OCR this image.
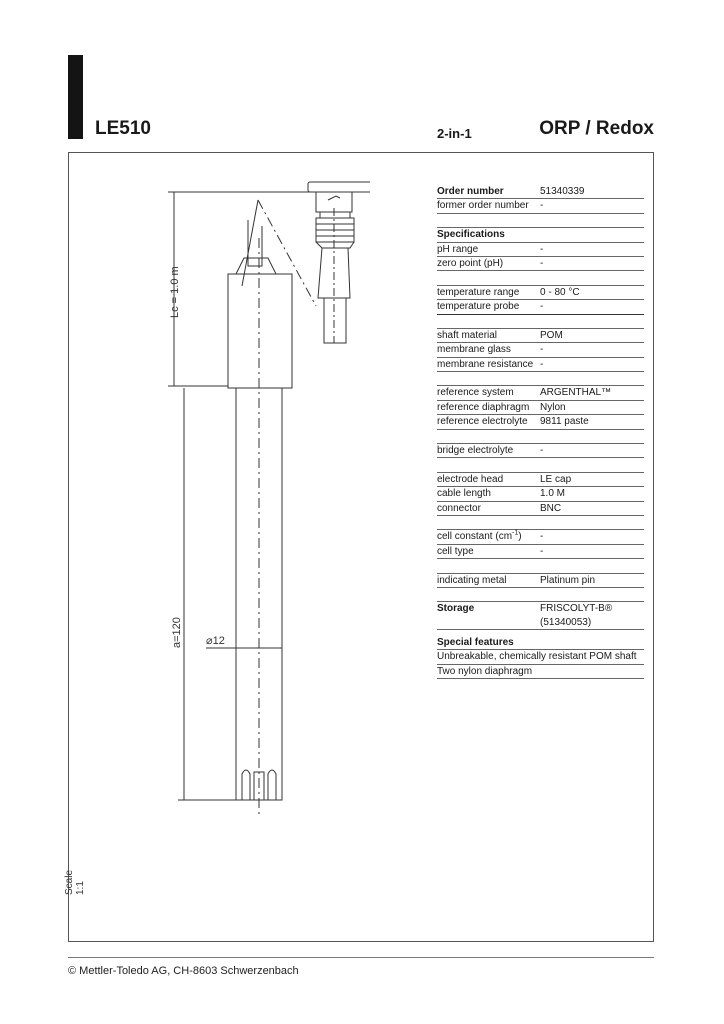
LE510	2-in-1	ORP / Redox
Lc = 1.0 m
a=120 ⌀12
Scale 1:1
Order number	51340339
former order number	-
Specifications
pH range	-
zero point (pH)	-
temperature range	0 - 80 °C
temperature probe	-
shaft material	POM
membrane glass	-
membrane resistance -
reference system	ARGENTHAL™
reference diaphragm	Nylon
reference electrolyte	9811 paste
bridge electrolyte	-
electrode head	LE cap
cable length	1.0 M
connector	BNC
cell constant $(cm^{-1})$	-
cell type	-
indicating metal	Platinum pin
Storage	FRISCOLYT-B®
(51340053)
Special features
Unbreakable, chemically resistant POM shaft
Two nylon diaphragm
© Mettler-Toledo AG, CH-8603 Schwerzenbach
